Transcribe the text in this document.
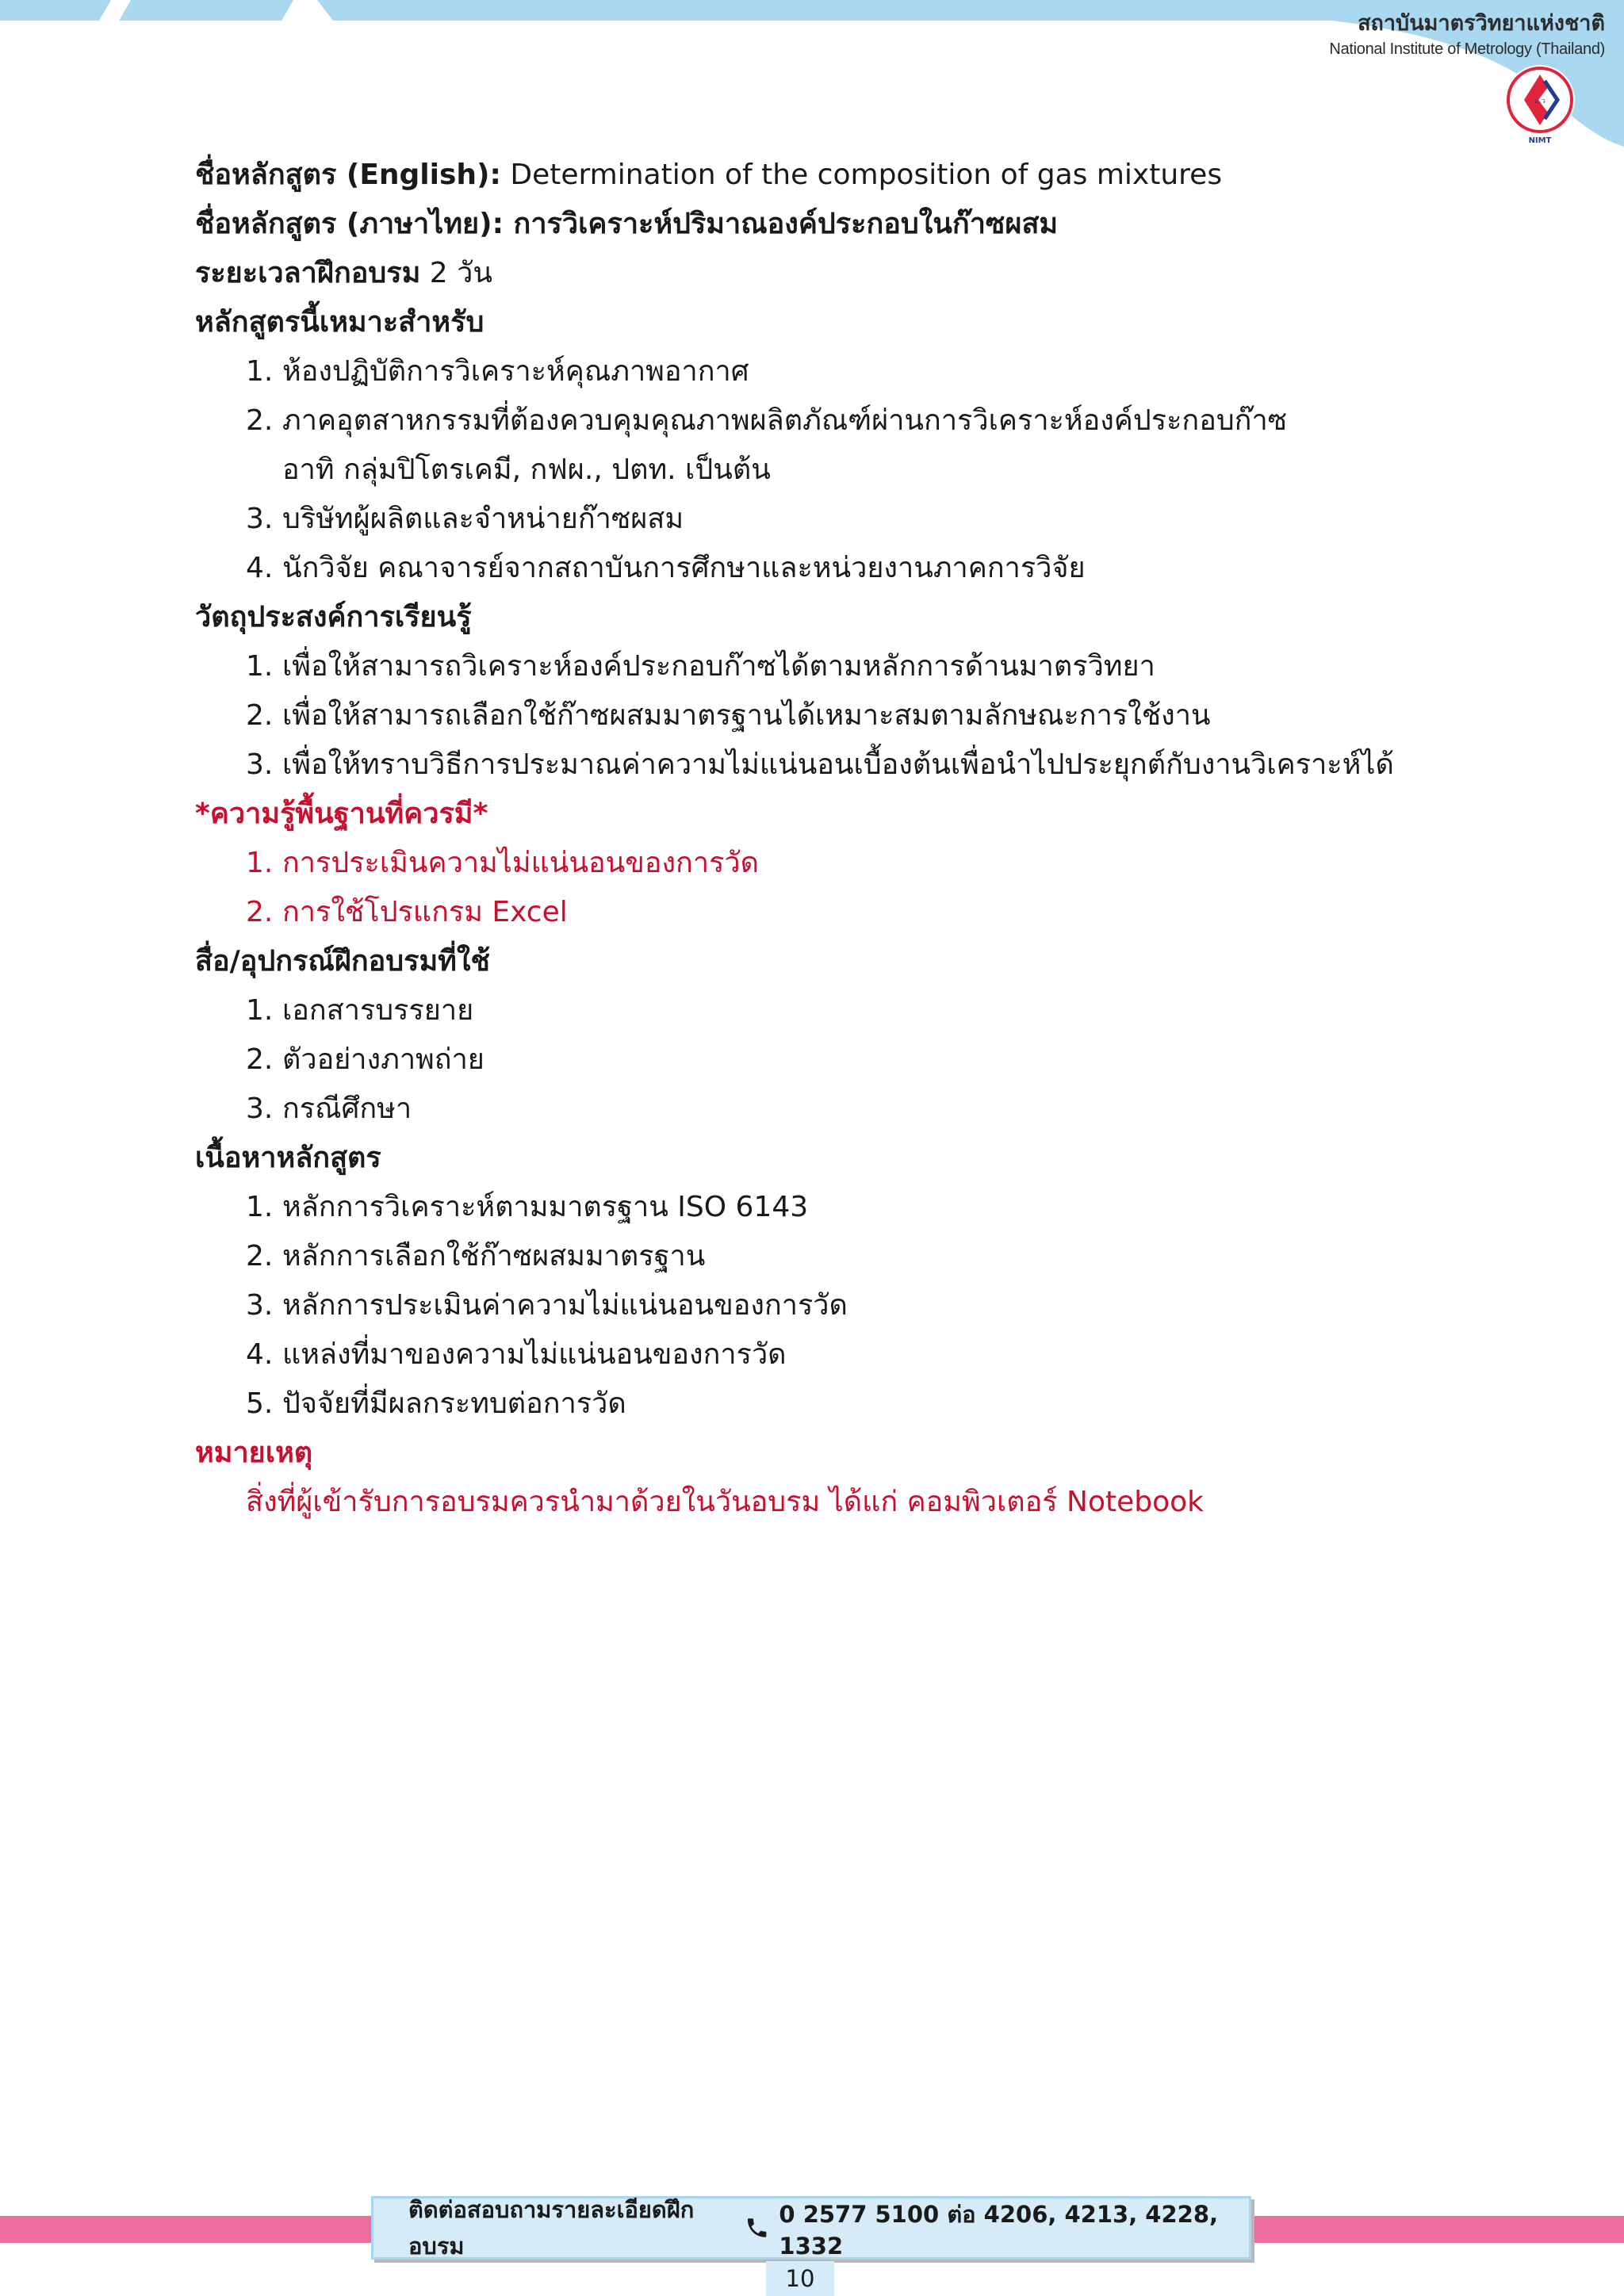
สถาบันมาตรวิทยาแห่งชาติ
National Institute of Metrology (Thailand)
ม.ว
NIMT
ชื่อหลักสูตร (English): Determination of the composition of gas mixtures
ชื่อหลักสูตร (ภาษาไทย): การวิเคราะห์ปริมาณองค์ประกอบในก๊าซผสม
ระยะเวลาฝึกอบรม 2 วัน
หลักสูตรนี้เหมาะสำหรับ
1. ห้องปฏิบัติการวิเคราะห์คุณภาพอากาศ
2. ภาคอุตสาหกรรมที่ต้องควบคุมคุณภาพผลิตภัณฑ์ผ่านการวิเคราะห์องค์ประกอบก๊าซ
อาทิ กลุ่มปิโตรเคมี, กฟผ., ปตท. เป็นต้น
3. บริษัทผู้ผลิตและจำหน่ายก๊าซผสม
4. นักวิจัย คณาจารย์จากสถาบันการศึกษาและหน่วยงานภาคการวิจัย
วัตถุประสงค์การเรียนรู้
1. เพื่อให้สามารถวิเคราะห์องค์ประกอบก๊าซได้ตามหลักการด้านมาตรวิทยา
2. เพื่อให้สามารถเลือกใช้ก๊าซผสมมาตรฐานได้เหมาะสมตามลักษณะการใช้งาน
3. เพื่อให้ทราบวิธีการประมาณค่าความไม่แน่นอนเบื้องต้นเพื่อนำไปประยุกต์กับงานวิเคราะห์ได้
*ความรู้พื้นฐานที่ควรมี*
1. การประเมินความไม่แน่นอนของการวัด
2. การใช้โปรแกรม Excel
สื่อ/อุปกรณ์ฝึกอบรมที่ใช้
1. เอกสารบรรยาย
2. ตัวอย่างภาพถ่าย
3. กรณีศึกษา
เนื้อหาหลักสูตร
1. หลักการวิเคราะห์ตามมาตรฐาน ISO 6143
2. หลักการเลือกใช้ก๊าซผสมมาตรฐาน
3. หลักการประเมินค่าความไม่แน่นอนของการวัด
4. แหล่งที่มาของความไม่แน่นอนของการวัด
5. ปัจจัยที่มีผลกระทบต่อการวัด
หมายเหตุ
สิ่งที่ผู้เข้ารับการอบรมควรนำมาด้วยในวันอบรม ได้แก่ คอมพิวเตอร์ Notebook
ติดต่อสอบถามรายละเอียดฝึกอบรม
0 2577 5100 ต่อ 4206, 4213, 4228, 1332
10
